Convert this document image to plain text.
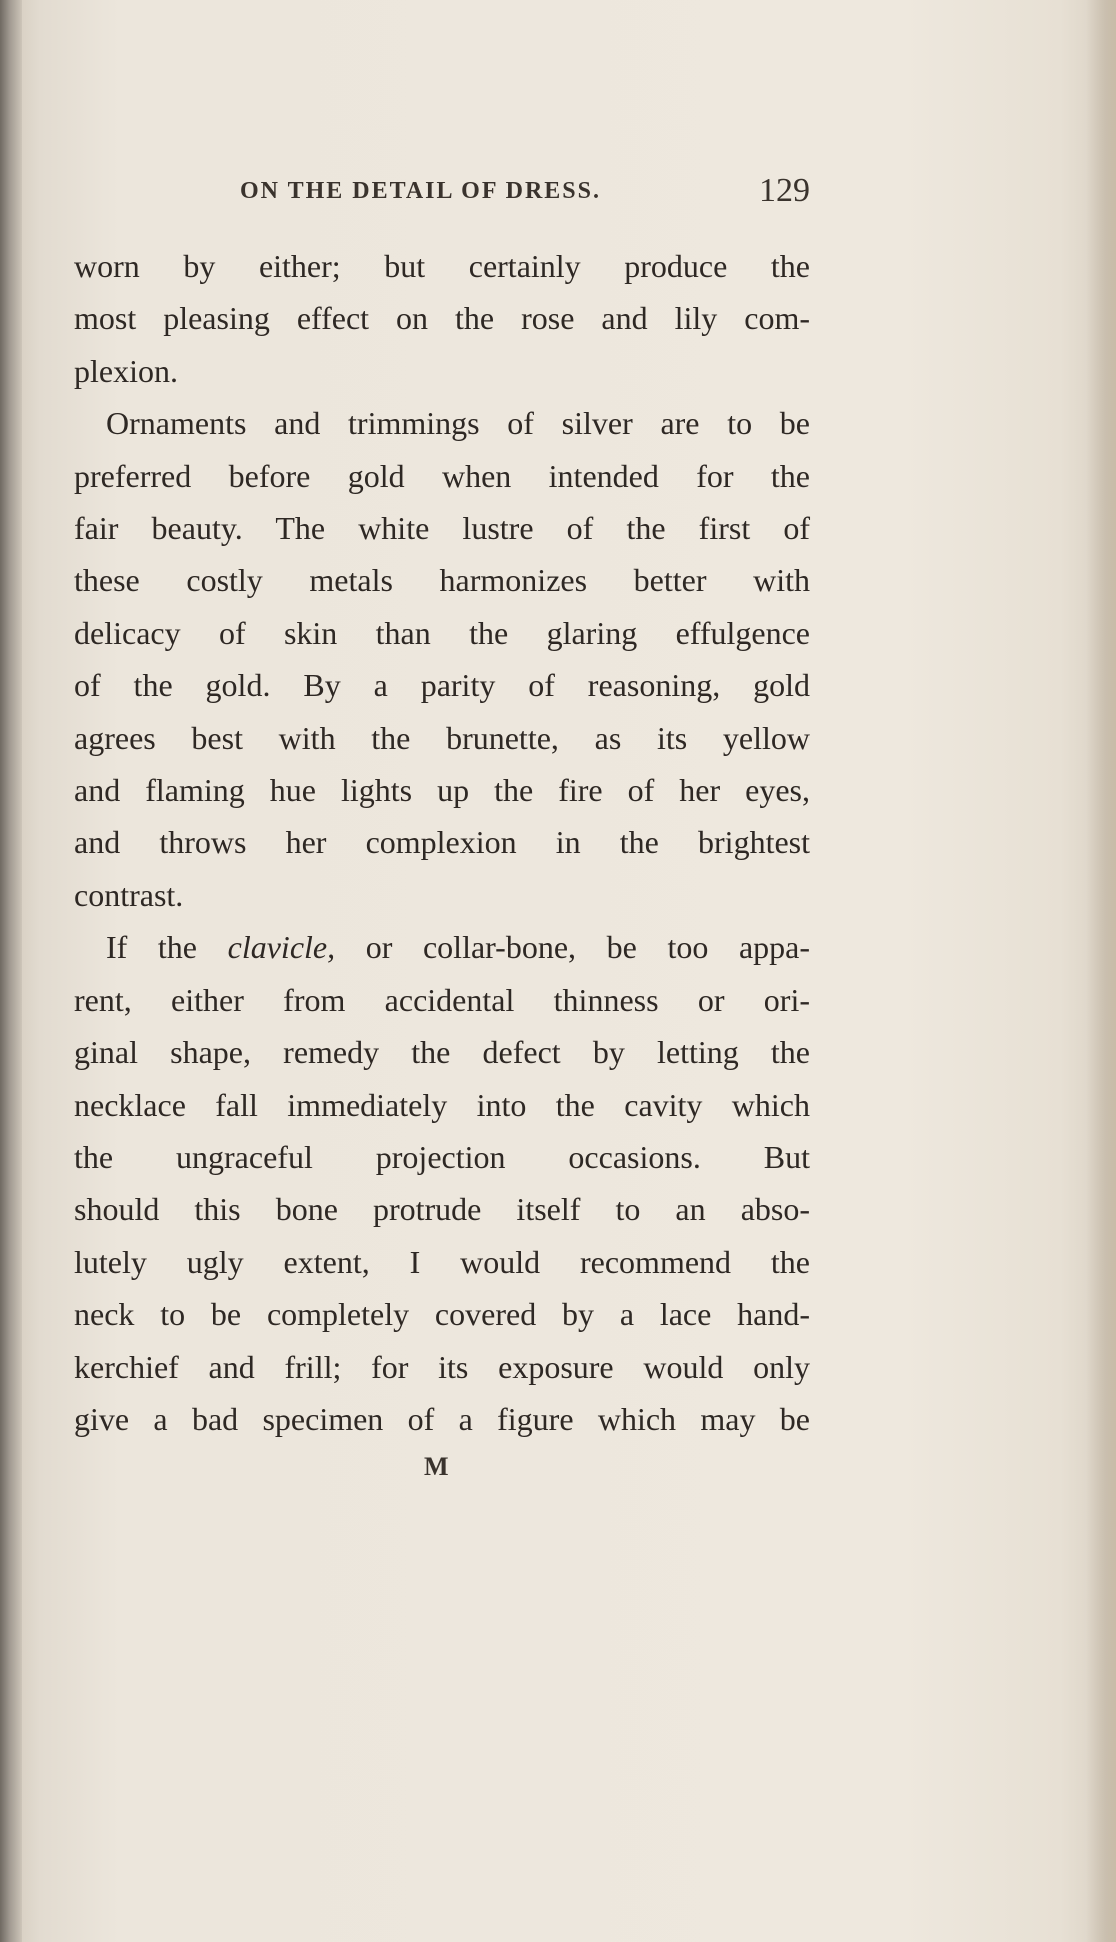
ON THE DETAIL OF DRESS.	129

worn by either; but certainly produce the
most pleasing effect on the rose and lily com-
plexion.

Ornaments and trimmings of silver are to be
preferred before gold when intended for the
fair beauty. The white lustre of the first of
these costly metals harmonizes better with
delicacy of skin than the glaring effulgence
of the gold. By a parity of reasoning, gold
agrees best with the brunette, as its yellow
and flaming hue lights up the fire of her eyes,
and throws her complexion in the brightest
contrast.

If the clavicle, or collar-bone, be too appa-
rent, either from accidental thinness or ori-
ginal shape, remedy the defect by letting the
necklace fall immediately into the cavity which
the ungraceful projection occasions. But
should this bone protrude itself to an abso-
lutely ugly extent, I would recommend the
neck to be completely covered by a lace hand-
kerchief and frill; for its exposure would only
give a bad specimen of a figure which may be

M
